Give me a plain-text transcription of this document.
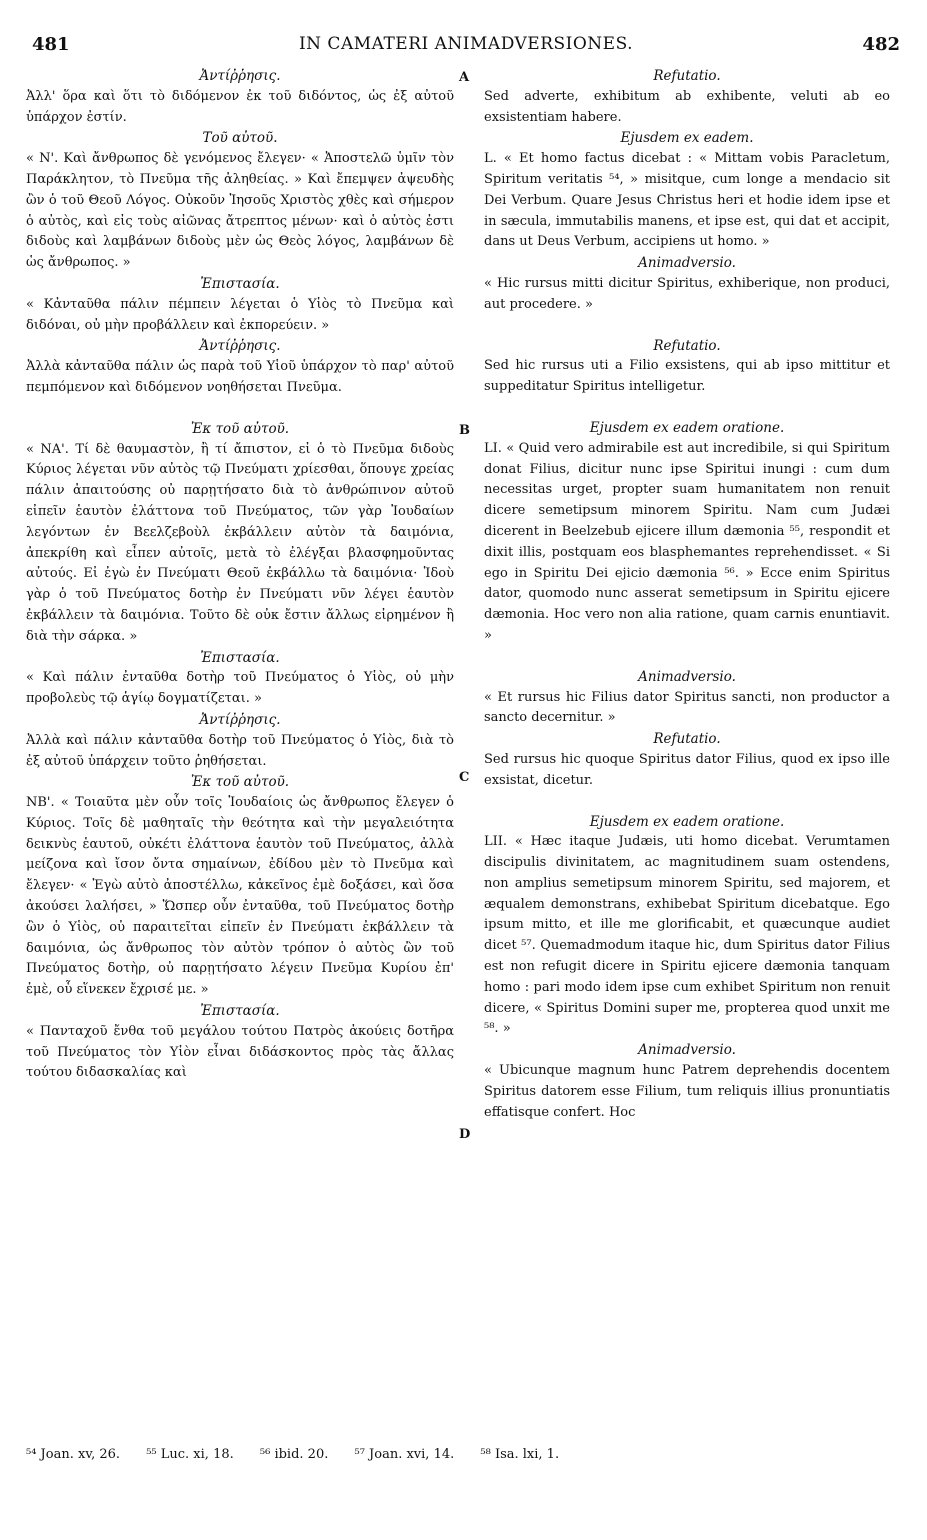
481	IN CAMATERI ANIMADVERSIONES.	482

Ἀντίῤῥησις.

Ἀλλ' ὅρα καὶ ὅτι τὸ διδόμενον ἐκ τοῦ διδόντος, ὡς ἐξ αὐτοῦ ὑπάρχον ἐστίν.

Τοῦ αὐτοῦ.

« Ν'. Καὶ ἄνθρωπος δὲ γενόμενος ἔλεγεν· « Ἀποστελῶ ὑμῖν τὸν Παράκλητον, τὸ Πνεῦμα τῆς ἀληθείας. » Καὶ ἔπεμψεν ἀψευδὴς ὢν ὁ τοῦ Θεοῦ Λόγος. Οὐκοῦν Ἰησοῦς Χριστὸς χθὲς καὶ σήμερον ὁ αὐτὸς, καὶ εἰς τοὺς αἰῶνας ἄτρεπτος μένων· καὶ ὁ αὐτὸς ἐστι διδοὺς καὶ λαμβάνων διδοὺς μὲν ὡς Θεὸς λόγος, λαμβάνων δὲ ὡς ἄνθρωπος. »

Ἐπιστασία.

« Κἀνταῦθα πάλιν πέμπειν λέγεται ὁ Υἱὸς τὸ Πνεῦμα καὶ διδόναι, οὐ μὴν προβάλλειν καὶ ἐκπορεύειν. »

Ἀντίῤῥησις.

Ἀλλὰ κἀνταῦθα πάλιν ὡς παρὰ τοῦ Υἱοῦ ὑπάρχον τὸ παρ' αὐτοῦ πεμπόμενον καὶ διδόμενον νοηθήσεται Πνεῦμα.

Ἐκ τοῦ αὐτοῦ.

« ΝΑ'. Τί δὲ θαυμαστὸν, ἢ τί ἄπιστον, εἰ ὁ τὸ Πνεῦμα διδοὺς Κύριος λέγεται νῦν αὐτὸς τῷ Πνεύματι χρίεσθαι, ὅπουγε χρείας πάλιν ἀπαιτούσης οὐ παρῃτήσατο διὰ τὸ ἀνθρώπινον αὐτοῦ εἰπεῖν ἑαυτὸν ἐλάττονα τοῦ Πνεύματος, τῶν γὰρ Ἰουδαίων λεγόντων ἐν Βεελζεβοὺλ ἐκβάλλειν αὐτὸν τὰ δαιμόνια, ἀπεκρίθη καὶ εἶπεν αὐτοῖς, μετὰ τὸ ἐλέγξαι βλασφημοῦντας αὐτούς. Εἰ ἐγὼ ἐν Πνεύματι Θεοῦ ἐκβάλλω τὰ δαιμόνια· Ἰδοὺ γὰρ ὁ τοῦ Πνεύματος δοτὴρ ἐν Πνεύματι νῦν λέγει ἑαυτὸν ἐκβάλλειν τὰ δαιμόνια. Τοῦτο δὲ οὐκ ἔστιν ἄλλως εἰρημένον ἢ διὰ τὴν σάρκα. »

Ἐπιστασία.

« Καὶ πάλιν ἐνταῦθα δοτὴρ τοῦ Πνεύματος ὁ Υἱὸς, οὐ μὴν προβολεὺς τῷ ἁγίῳ δογματίζεται. »

Ἀντίῤῥησις.

Ἀλλὰ καὶ πάλιν κἀνταῦθα δοτὴρ τοῦ Πνεύματος ὁ Υἱὸς, διὰ τὸ ἐξ αὐτοῦ ὑπάρχειν τοῦτο ῥηθήσεται.

Ἐκ τοῦ αὐτοῦ.

ΝΒ'. « Τοιαῦτα μὲν οὖν τοῖς Ἰουδαίοις ὡς ἄνθρωπος ἔλεγεν ὁ Κύριος. Τοῖς δὲ μαθηταῖς τὴν θεότητα καὶ τὴν μεγαλειότητα δεικνὺς ἑαυτοῦ, οὐκέτι ἐλάττονα ἑαυτὸν τοῦ Πνεύματος, ἀλλὰ μείζονα καὶ ἴσον ὄντα σημαίνων, ἐδίδου μὲν τὸ Πνεῦμα καὶ ἔλεγεν· « Ἐγὼ αὐτὸ ἀποστέλλω, κἀκεῖνος ἐμὲ δοξάσει, καὶ ὅσα ἀκούσει λαλήσει, » Ὥσπερ οὖν ἐνταῦθα, τοῦ Πνεύματος δοτὴρ ὢν ὁ Υἱὸς, οὐ παραιτεῖται εἰπεῖν ἐν Πνεύματι ἐκβάλλειν τὰ δαιμόνια, ὡς ἄνθρωπος τὸν αὐτὸν τρόπον ὁ αὐτὸς ὢν τοῦ Πνεύματος δοτὴρ, οὐ παρῃτήσατο λέγειν Πνεῦμα Κυρίου ἐπ' ἐμὲ, οὗ εἵνεκεν ἔχρισέ με. »

Ἐπιστασία.

« Πανταχοῦ ἔνθα τοῦ μεγάλου τούτου Πατρὸς ἀκούεις δοτῆρα τοῦ Πνεύματος τὸν Υἱὸν εἶναι διδάσκοντος πρὸς τὰς ἄλλας τούτου διδασκαλίας καὶ

Refutatio.

Sed adverte, exhibitum ab exhibente, veluti ab eo exsistentiam habere.

Ejusdem ex eadem.

L. « Et homo factus dicebat : « Mittam vobis Paracletum, Spiritum veritatis ⁵⁴, » misitque, cum longe a mendacio sit Dei Verbum. Quare Jesus Christus heri et hodie idem ipse et in sæcula, immutabilis manens, et ipse est, qui dat et accipit, dans ut Deus Verbum, accipiens ut homo. »

Animadversio.

« Hic rursus mitti dicitur Spiritus, exhiberique, non produci, aut procedere. »

Refutatio.

Sed hic rursus uti a Filio exsistens, qui ab ipso mittitur et suppeditatur Spiritus intelligetur.

Ejusdem ex eadem oratione.

LI. « Quid vero admirabile est aut incredibile, si qui Spiritum donat Filius, dicitur nunc ipse Spiritui inungi : cum dum necessitas urget, propter suam humanitatem non renuit dicere semetipsum minorem Spiritu. Nam cum Judæi dicerent in Beelzebub ejicere illum dæmonia ⁵⁵, respondit et dixit illis, postquam eos blasphemantes reprehendisset. « Si ego in Spiritu Dei ejicio dæmonia ⁵⁶. » Ecce enim Spiritus dator, quomodo nunc asserat semetipsum in Spiritu ejicere dæmonia. Hoc vero non alia ratione, quam carnis enuntiavit. »

Animadversio.

« Et rursus hic Filius dator Spiritus sancti, non productor a sancto decernitur. »

Refutatio.

Sed rursus hic quoque Spiritus dator Filius, quod ex ipso ille exsistat, dicetur.

Ejusdem ex eadem oratione.

LII. « Hæc itaque Judæis, uti homo dicebat. Verumtamen discipulis divinitatem, ac magnitudinem suam ostendens, non amplius semetipsum minorem Spiritu, sed majorem, et æqualem demonstrans, exhibebat Spiritum dicebatque. Ego ipsum mitto, et ille me glorificabit, et quæcunque audiet dicet ⁵⁷. Quemadmodum itaque hic, dum Spiritus dator Filius est non refugit dicere in Spiritu ejicere dæmonia tanquam homo : pari modo idem ipse cum exhibet Spiritum non renuit dicere, « Spiritus Domini super me, propterea quod unxit me ⁵⁸. »

Animadversio.

« Ubicunque magnum hunc Patrem deprehendis docentem Spiritus datorem esse Filium, tum reliquis illius pronuntiatis effatisque confert. Hoc

A
B
C
D
⁵⁴ Joan. xv, 26. ⁵⁵ Luc. xi, 18. ⁵⁶ ibid. 20. ⁵⁷ Joan. xvi, 14. ⁵⁸ Isa. lxi, 1.
